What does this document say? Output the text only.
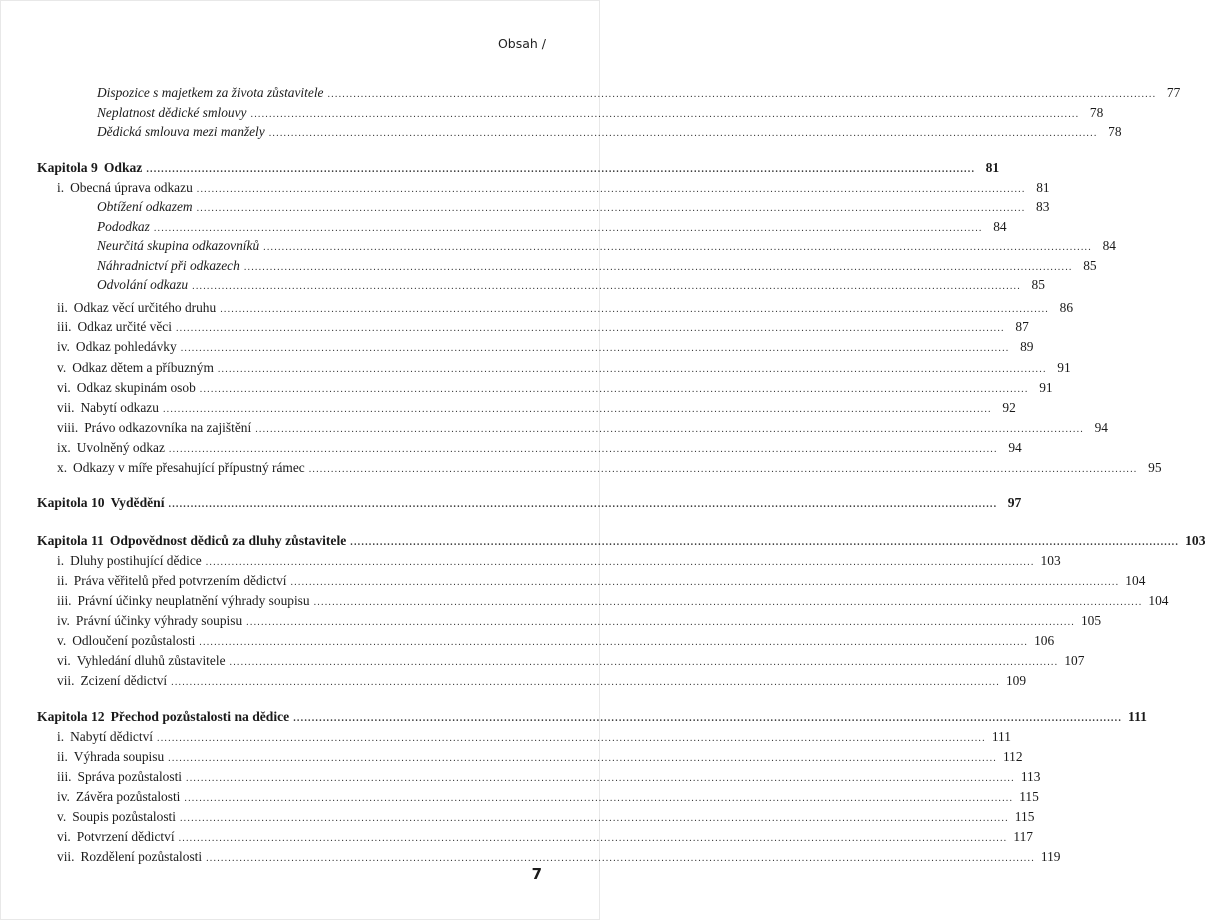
Obsah /
Dispozice s majetkem za života zůstavitele .....	77
Neplatnost dědické smlouvy .....	78
Dědická smlouva mezi manžely .....	78
Kapitola 9 Odkaz .....	81
i. Obecná úprava odkazu .....	81
Obtížení odkazem .....	83
Pododkaz .....	84
Neurčitá skupina odkazovníků .....	84
Náhradnictví při odkazech .....	85
Odvolání odkazu .....	85
ii. Odkaz věcí určitého druhu .....	86
iii. Odkaz určité věci .....	87
iv. Odkaz pohledávky .....	89
v. Odkaz dětem a příbuzným .....	91
vi. Odkaz skupinám osob .....	91
vii. Nabytí odkazu .....	92
viii. Právo odkazovníka na zajištění .....	94
ix. Uvolněný odkaz .....	94
x. Odkazy v míře přesahující přípustný rámec .....	95
Kapitola 10 Vydědění .....	97
Kapitola 11 Odpovědnost dědiců za dluhy zůstavitele .....	103
i. Dluhy postihující dědice .....	103
ii. Práva věřitelů před potvrzením dědictví .....	104
iii. Právní účinky neuplatnění výhrady soupisu .....	104
iv. Právní účinky výhrady soupisu .....	105
v. Odloučení pozůstalosti .....	106
vi. Vyhledání dluhů zůstavitele .....	107
vii. Zcizení dědictví .....	109
Kapitola 12 Přechod pozůstalosti na dědice .....	111
i. Nabytí dědictví .....	111
ii. Výhrada soupisu .....	112
iii. Správa pozůstalosti .....	113
iv. Závěra pozůstalosti .....	115
v. Soupis pozůstalosti .....	115
vi. Potvrzení dědictví .....	117
vii. Rozdělení pozůstalosti .....	119
7
